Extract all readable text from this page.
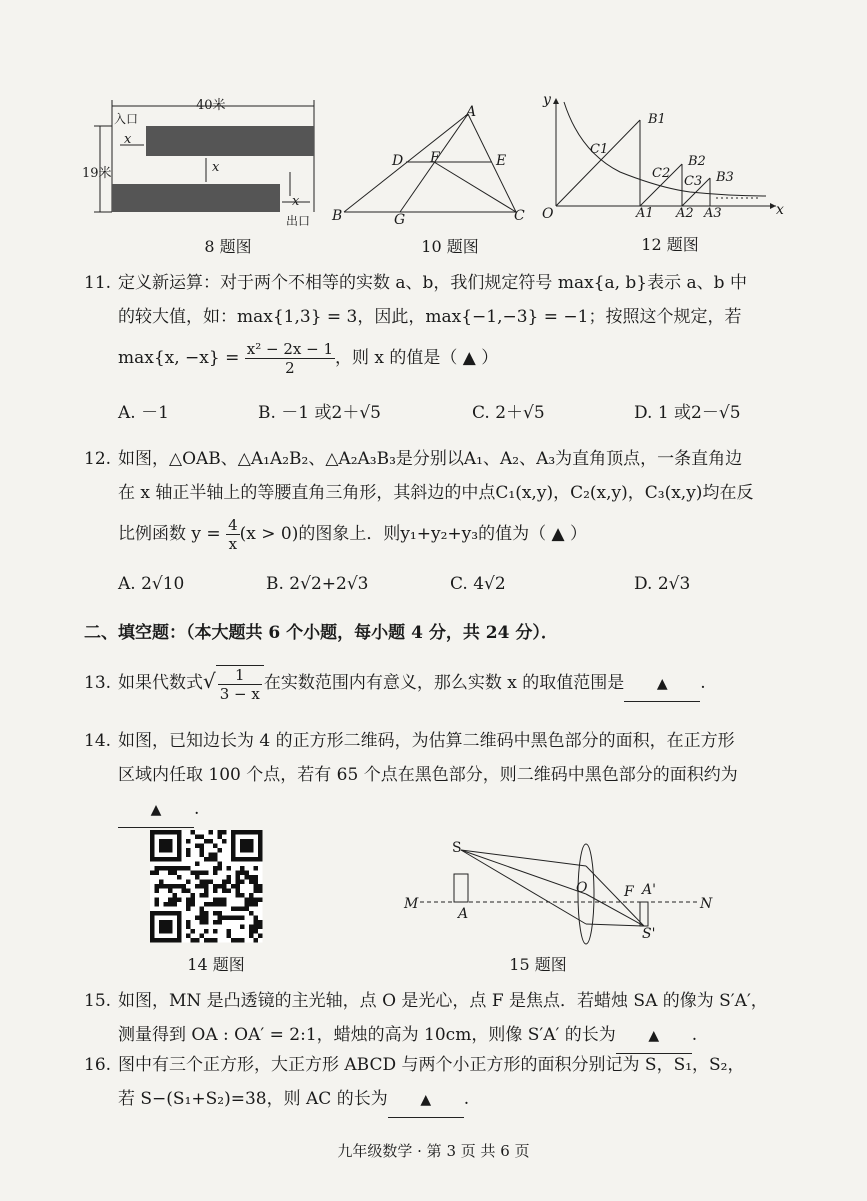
40米
19米
入口
出口
x
x
x
8 题图
A
B	C
D	E
F
G
10 题图
y
x
O	A1 A2 A3
B1
B2
B3
C1
C2
C3
12 题图
11. 定义新运算：对于两个不相等的实数 a、b，我们规定符号 max{a, b}表示 a、b 中
的较大值，如：max{1,3} = 3，因此，max{−1,−3} = −1；按照这个规定，若
max{x, $-x\} = \frac{\text{x² − 2x − 1}}{2}$ ，则 x 的值是（ ▲ ）
A. －1	B. －1 或2＋√5	C. 2＋√5	D. 1 或2－√5
12. 如图，△OAB、△A₁A₂B₂、△A₂A₃B₃是分别以A₁、A₂、A₃为直角顶点，一条直角边
在 x 轴正半轴上的等腰直角三角形，其斜边的中点C₁(x,y)，C₂(x,y)，C₃(x,y)均在反
比例函数 $y = \frac{4}{x} (x > 0)$的图象上．则y₁+y₂+y₃的值为（ ▲ ）
A. 2√10	B. 2√2+2√3	C. 4√2	D. 2√3
二、填空题：（本大题共 6 个小题，每小题 4 分，共 24 分）．
13. 如果代数式√ $\frac{1}{3 - x}$ 在实数范围内有意义，那么实数 x 的取值范围是 ▲ .
14. 如图，已知边长为 4 的正方形二维码，为估算二维码中黑色部分的面积，在正方形
区域内任取 100 个点，若有 65 个点在黑色部分，则二维码中黑色部分的面积约为
▲ .
14 题图
S
O	F A'
S'
M	N
A
15 题图
15. 如图，MN 是凸透镜的主光轴，点 O 是光心，点 F 是焦点．若蜡烛 SA 的像为 S′A′，
测量得到 OA : OA′ = 2:1，蜡烛的高为 10cm，则像 S′A′ 的长为 ▲ .
16. 图中有三个正方形，大正方形 ABCD 与两个小正方形的面积分别记为 S，S₁，S₂，
若 S−(S₁+S₂)=38，则 AC 的长为 ▲ .
九年级数学 · 第 3 页 共 6 页
